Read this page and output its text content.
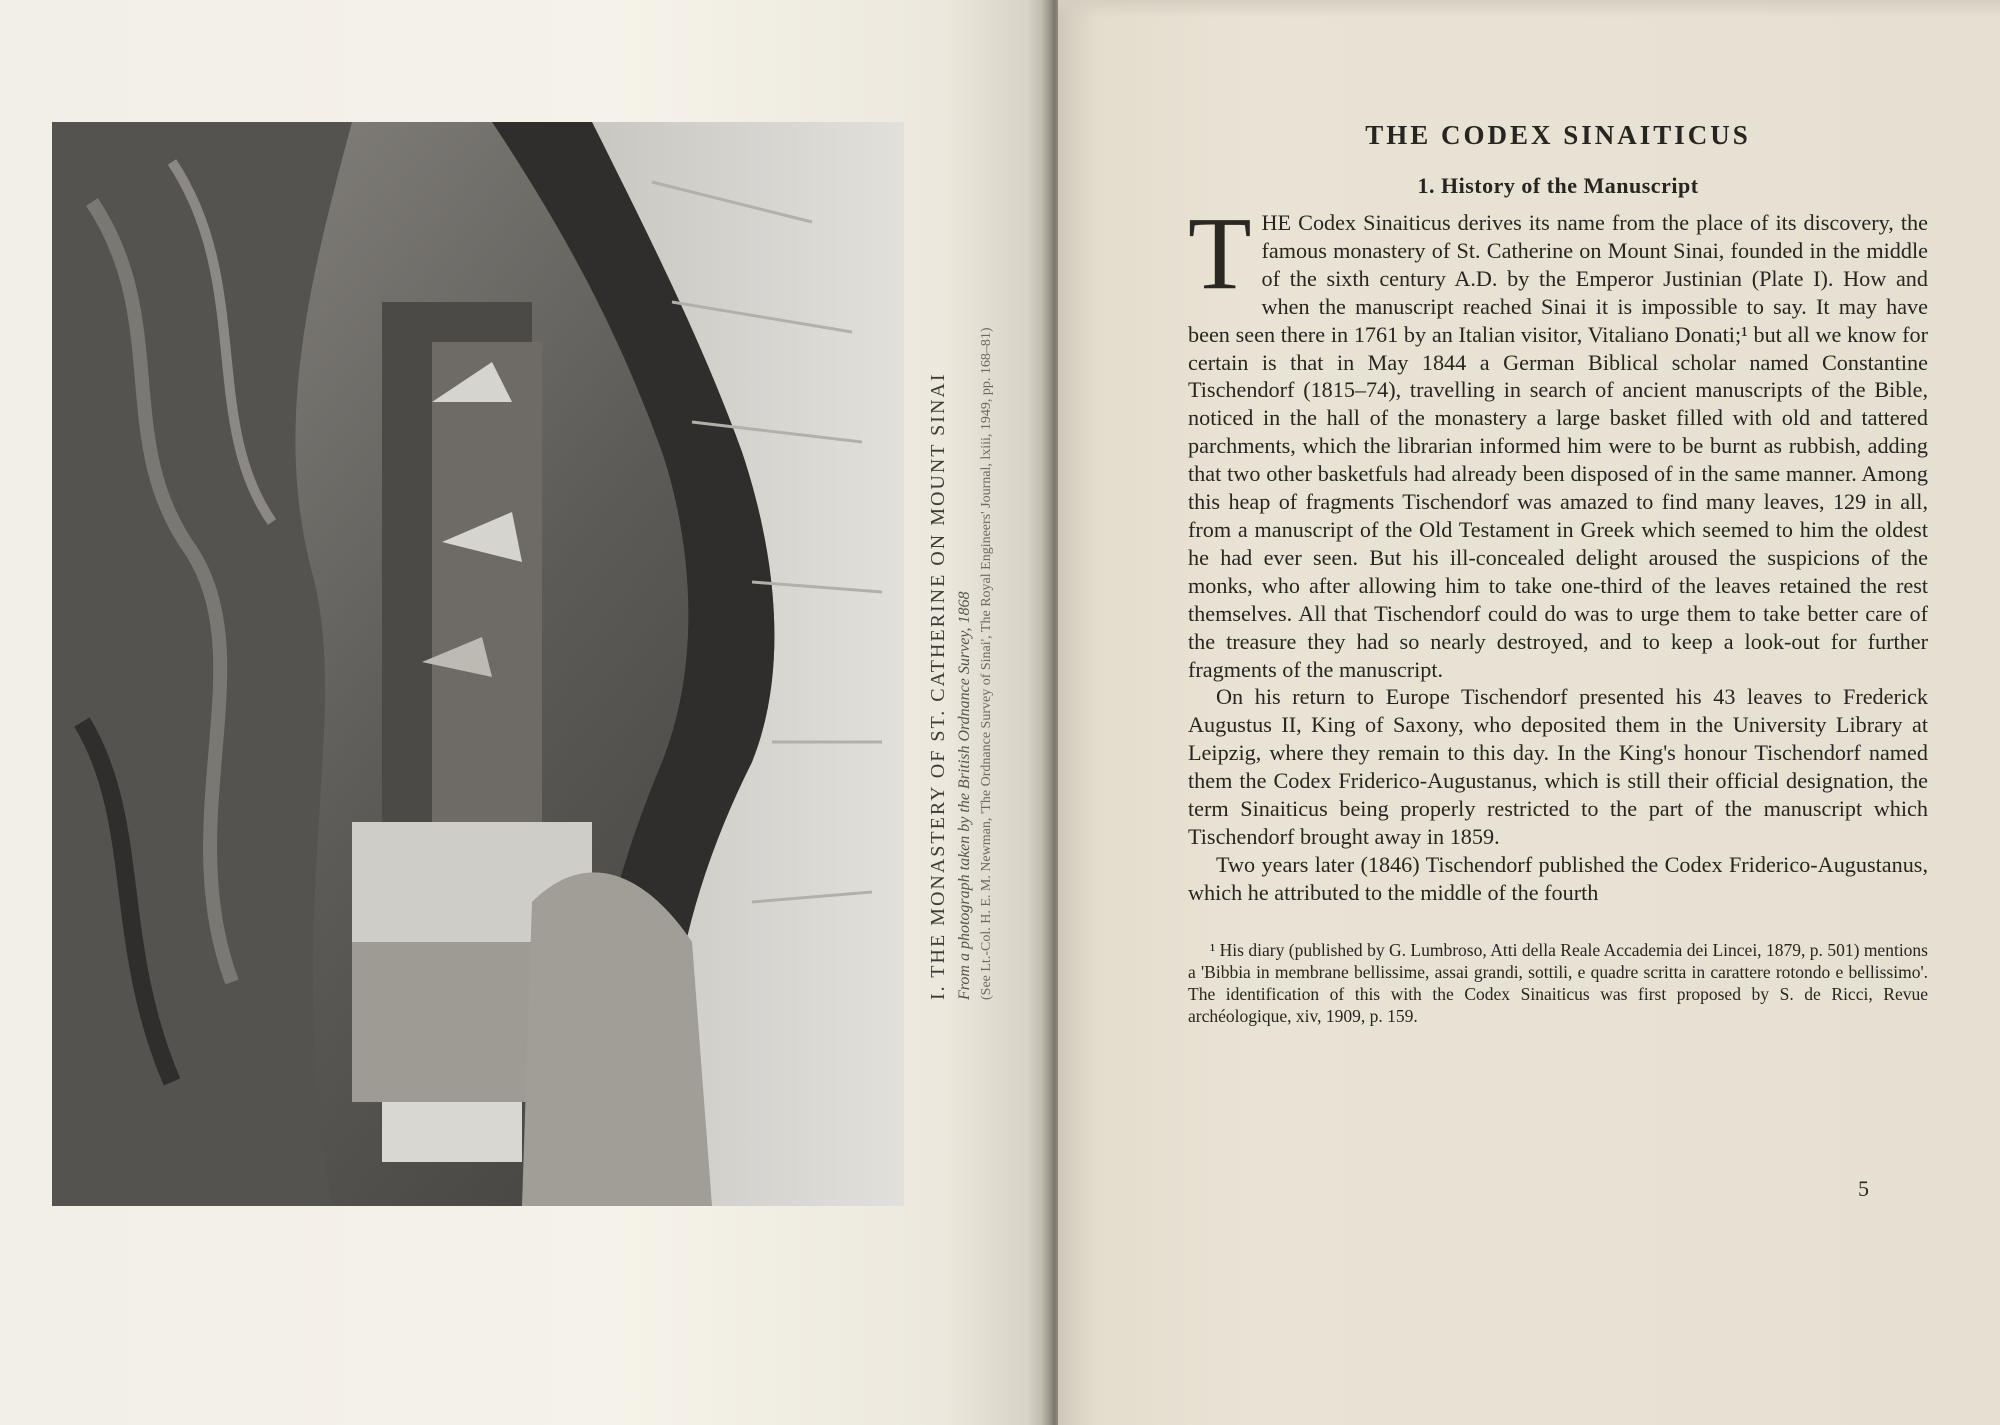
I. THE MONASTERY OF ST. CATHERINE ON MOUNT SINAI From a photograph taken by the British Ordnance Survey, 1868 (See Lt.-Col. H. E. M. Newman, 'The Ordnance Survey of Sinai', The Royal Engineers' Journal, lxiii, 1949, pp. 168–81)
THE CODEX SINAITICUS
1. History of the Manuscript

THE Codex Sinaiticus derives its name from the place of its discovery, the famous monastery of St. Catherine on Mount Sinai, founded in the middle of the sixth century A.D. by the Emperor Justinian (Plate I). How and when the manuscript reached Sinai it is impossible to say. It may have been seen there in 1761 by an Italian visitor, Vitaliano Donati;¹ but all we know for certain is that in May 1844 a German Biblical scholar named Constantine Tischendorf (1815–74), travelling in search of ancient manuscripts of the Bible, noticed in the hall of the monastery a large basket filled with old and tattered parchments, which the librarian informed him were to be burnt as rubbish, adding that two other basketfuls had already been disposed of in the same manner. Among this heap of fragments Tischendorf was amazed to find many leaves, 129 in all, from a manuscript of the Old Testament in Greek which seemed to him the oldest he had ever seen. But his ill-concealed delight aroused the suspicions of the monks, who after allowing him to take one-third of the leaves retained the rest themselves. All that Tischendorf could do was to urge them to take better care of the treasure they had so nearly destroyed, and to keep a look-out for further fragments of the manuscript.

On his return to Europe Tischendorf presented his 43 leaves to Frederick Augustus II, King of Saxony, who deposited them in the University Library at Leipzig, where they remain to this day. In the King's honour Tischendorf named them the Codex Friderico-Augustanus, which is still their official designation, the term Sinaiticus being properly restricted to the part of the manuscript which Tischendorf brought away in 1859.

Two years later (1846) Tischendorf published the Codex Friderico-Augustanus, which he attributed to the middle of the fourth

¹ His diary (published by G. Lumbroso, Atti della Reale Accademia dei Lincei, 1879, p. 501) mentions a 'Bibbia in membrane bellissime, assai grandi, sottili, e quadre scritta in carattere rotondo e bellissimo'. The identification of this with the Codex Sinaiticus was first proposed by S. de Ricci, Revue archéologique, xiv, 1909, p. 159.

5
